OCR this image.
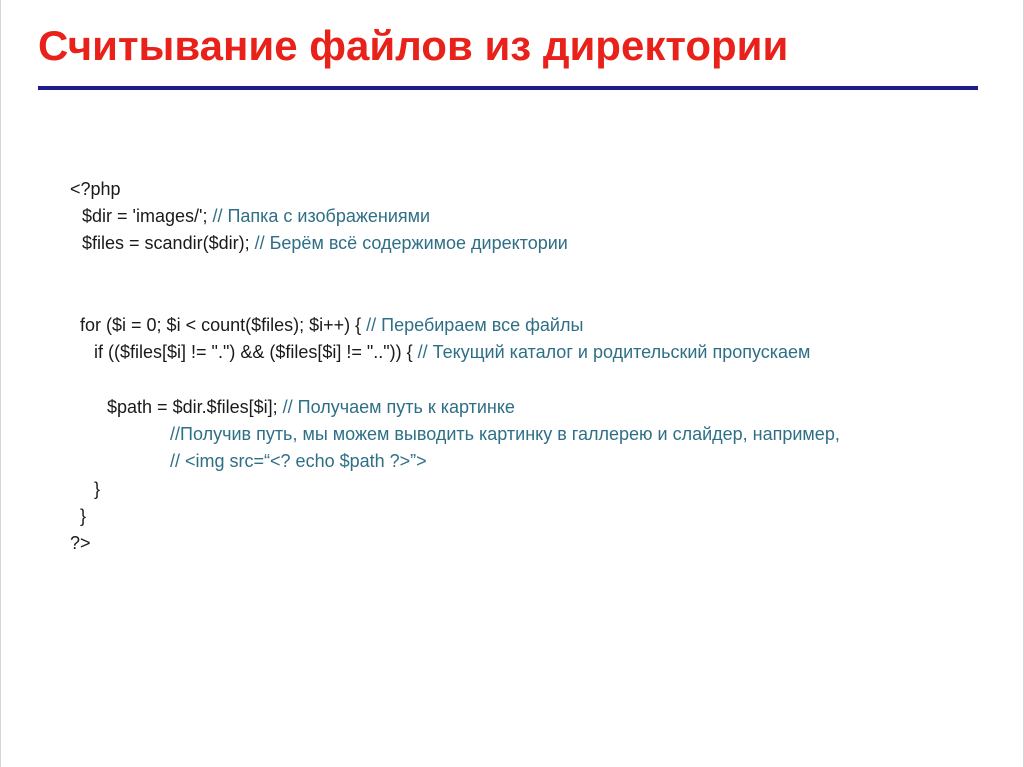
Считывание файлов из директории

<?php

$dir = 'images/'; // Папка с изображениями

$files = scandir($dir); // Берём всё содержимое директории

for ($i = 0; $i < count($files); $i++) { // Перебираем все файлы

if (($files[$i] != ".") && ($files[$i] != "..")) { // Текущий каталог и родительский пропускаем

$path = $dir.$files[$i]; // Получаем путь к картинке

//Получив путь, мы можем выводить картинку в галлерею и слайдер, например,

// <img src=“<? echo $path ?>”>

}

}

?>
